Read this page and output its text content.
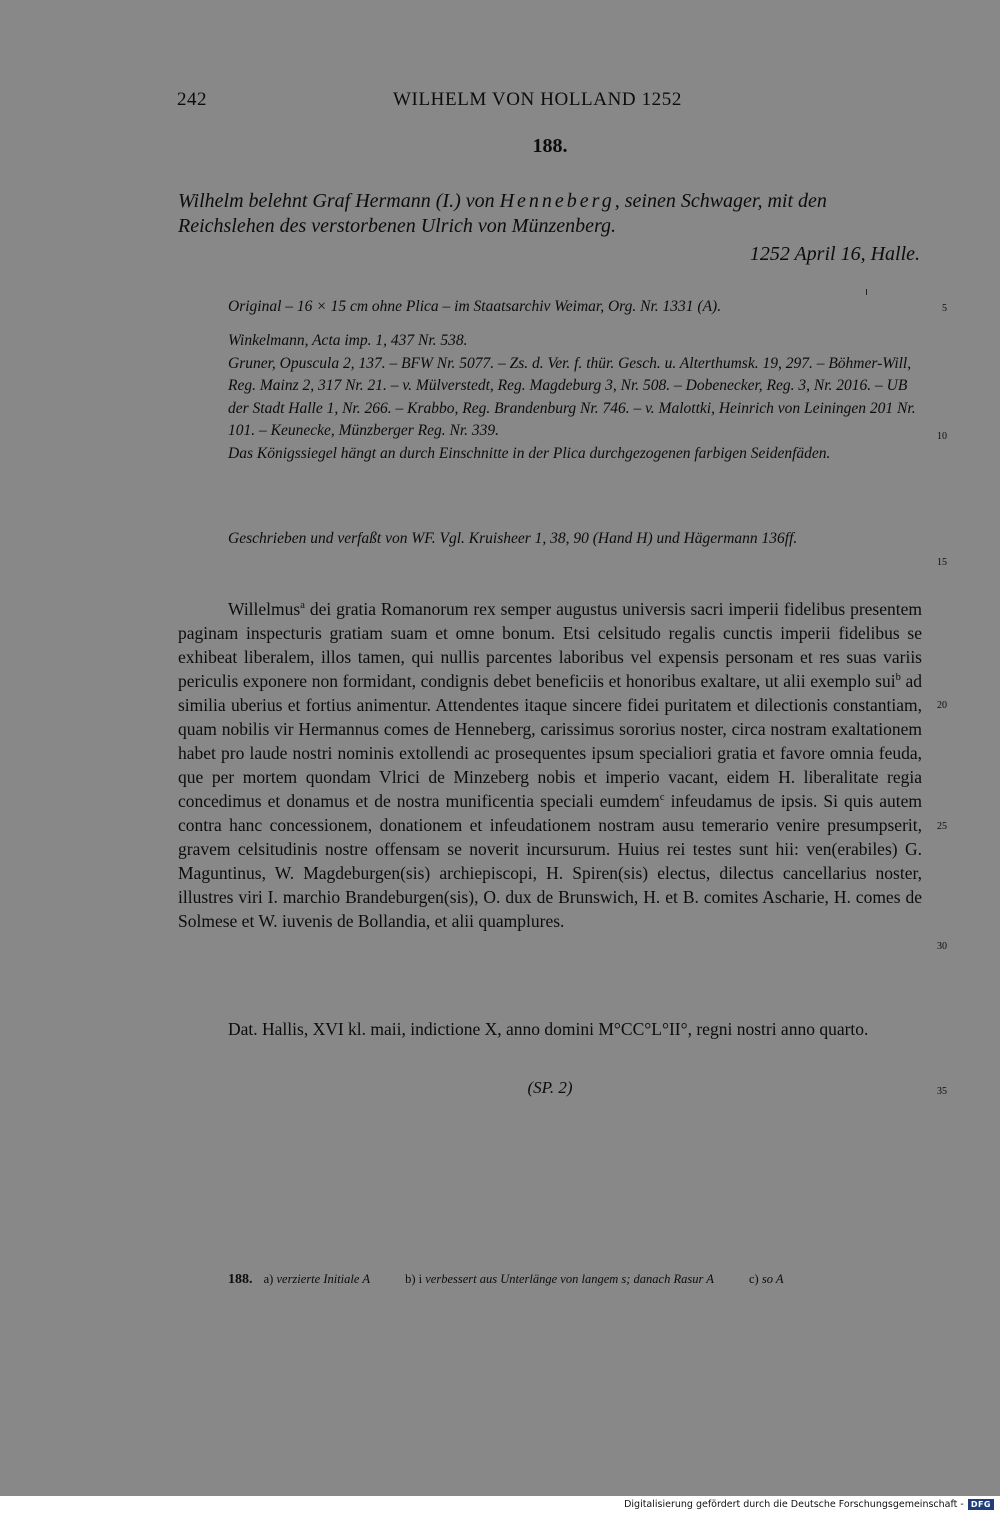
242	WILHELM VON HOLLAND 1252
188.
Wilhelm belehnt Graf Hermann (I.) von Henneberg, seinen Schwager, mit den Reichslehen des verstorbenen Ulrich von Münzenberg.
1252 April 16, Halle.

Original – 16 × 15 cm ohne Plica – im Staatsarchiv Weimar, Org. Nr. 1331 (A).

Winkelmann, Acta imp. 1, 437 Nr. 538.

Gruner, Opuscula 2, 137. – BFW Nr. 5077. – Zs. d. Ver. f. thür. Gesch. u. Alterthumsk. 19, 297. – Böhmer-Will, Reg. Mainz 2, 317 Nr. 21. – v. Mülverstedt, Reg. Magdeburg 3, Nr. 508. – Dobenecker, Reg. 3, Nr. 2016. – UB der Stadt Halle 1, Nr. 266. – Krabbo, Reg. Brandenburg Nr. 746. – v. Malottki, Heinrich von Leiningen 201 Nr. 101. – Keunecke, Münzberger Reg. Nr. 339.

Das Königssiegel hängt an durch Einschnitte in der Plica durchgezogenen farbigen Seidenfäden.

Geschrieben und verfaßt von WF. Vgl. Kruisheer 1, 38, 90 (Hand H) und Hägermann 136ff.

Willelmus$^a$ dei gratia Romanorum rex semper augustus universis sacri imperii fidelibus presentem paginam inspecturis gratiam suam et omne bonum. Etsi celsitudo regalis cunctis imperii fidelibus se exhibeat liberalem, illos tamen, qui nullis parcentes laboribus vel expensis personam et res suas variis periculis exponere non formidant, condignis debet beneficiis et honoribus exaltare, ut alii exemplo sui$^b$ ad similia uberius et fortius animentur. Attendentes itaque sincere fidei puritatem et dilectionis constantiam, quam nobilis vir Hermannus comes de Henneberg, carissimus sororius noster, circa nostram exaltationem habet pro laude nostri nominis extollendi ac prosequentes ipsum specialiori gratia et favore omnia feuda, que per mortem quondam Vlrici de Minzeberg nobis et imperio vacant, eidem H. liberalitate regia concedimus et donamus et de nostra munificentia speciali eumdem$^c$ infeudamus de ipsis. Si quis autem contra hanc concessionem, donationem et infeudationem nostram ausu temerario venire presumpserit, gravem celsitudinis nostre offensam se noverit incursurum. Huius rei testes sunt hii: ven(erabiles) G. Maguntinus, W. Magdeburgen(sis) archiepiscopi, H. Spiren(sis) electus, dilectus cancellarius noster, illustres viri I. marchio Brandeburgen(sis), O. dux de Brunswich, H. et B. comites Ascharie, H. comes de Solmese et W. iuvenis de Bollandia, et alii quamplures.

Dat. Hallis, XVI kl. maii, indictione X, anno domini M°CC°L°II°, regni nostri anno quarto.

(SP. 2)
5
10
15
20
25
30
35
188. a) verzierte Initiale A	b) i verbessert aus Unterlänge von langem s; danach Rasur A	c) so A
Digitalisierung gefördert durch die Deutsche Forschungsgemeinschaft - DFG
